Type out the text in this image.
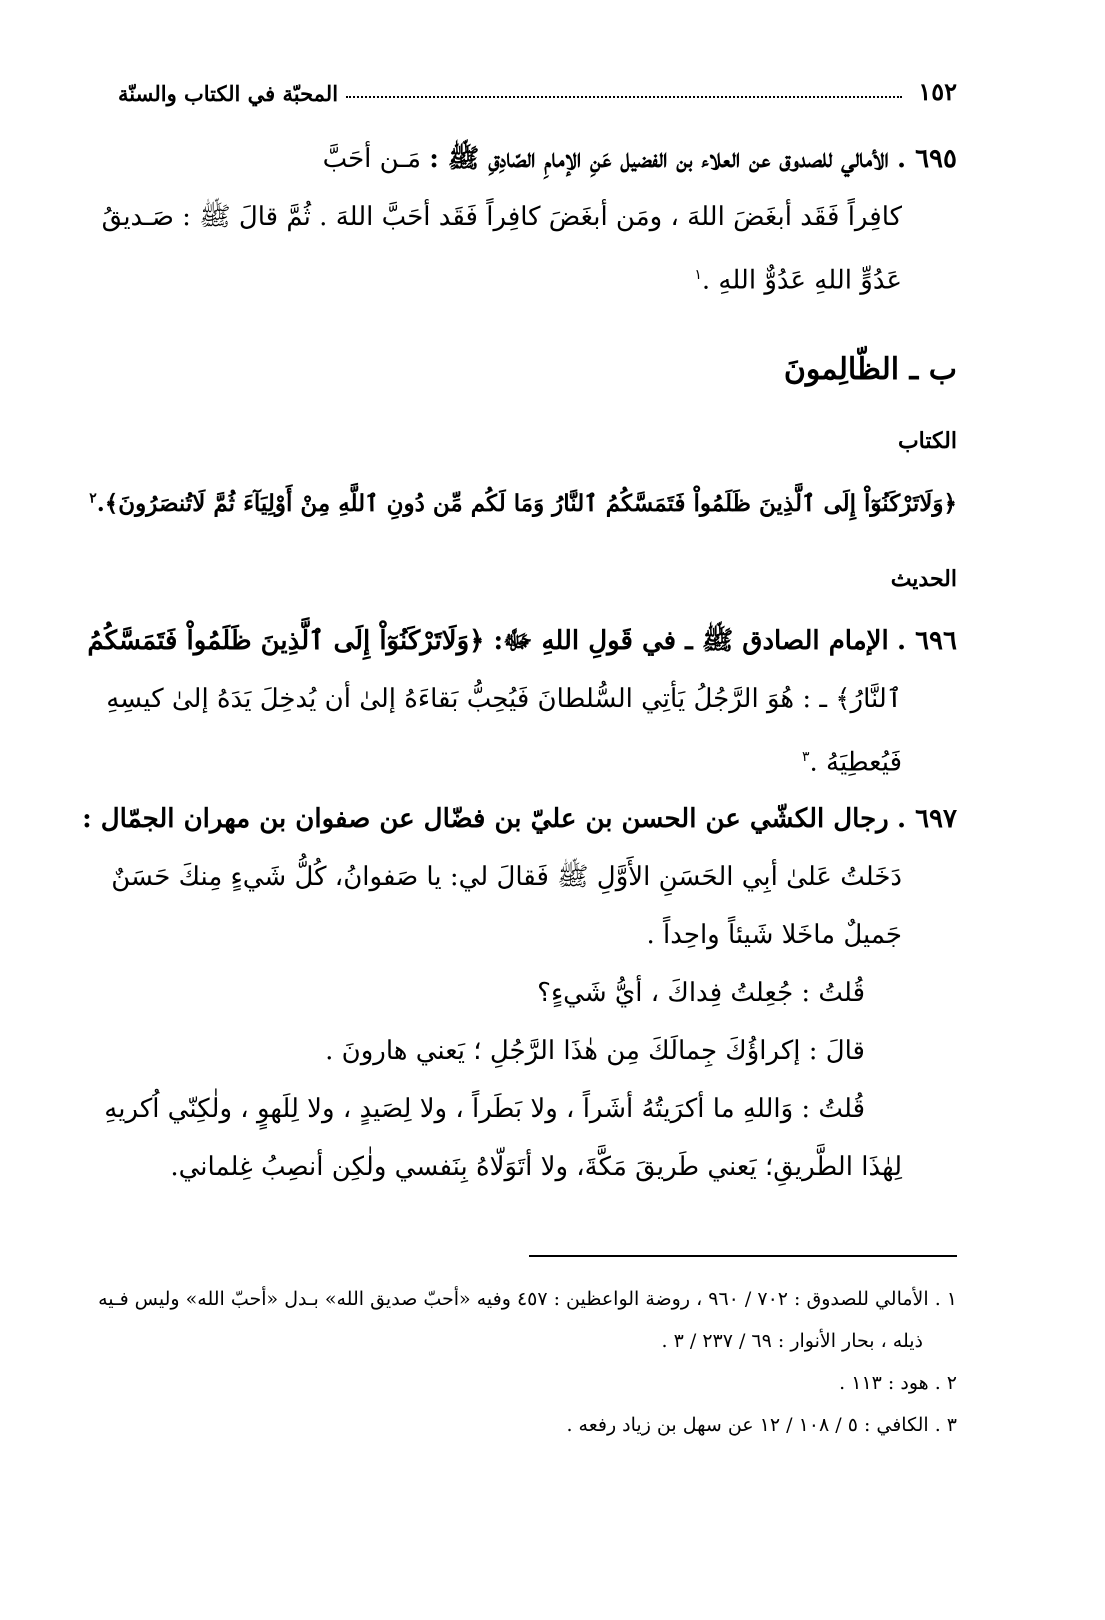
١٥٢
المحبّة في الكتاب والسنّة
٦٩٥ . الأمالي للصدوق عن العلاء بن الفضيل عَنِ الإمامِ الصّادِقِ ﷺ : مَـن أحَبَّ
كافِراً فَقَد أبغَضَ اللهَ ، ومَن أبغَضَ كافِراً فَقَد أحَبَّ اللهَ . ثُمَّ قالَ ﷺ : صَـديقُ
عَدُوٍّ اللهِ عَدُوٌّ اللهِ .$^١$
ب ـ الظّالِمونَ
الكتاب
﴿وَلَاتَرْكَنُوٓاْ إِلَى ٱلَّذِينَ ظَلَمُواْ فَتَمَسَّكُمُ ٱلنَّارُ وَمَا لَكُم مِّن دُونِ ٱللَّهِ مِنْ أَوْلِيَآءَ ثُمَّ لَاتُنصَرُونَ﴾.$^٢$
الحديث
٦٩٦ . الإمام الصادق ﷺ ـ في قَولِ اللهِ ﷻ: ﴿وَلَاتَرْكَنُوٓاْ إِلَى ٱلَّذِينَ ظَلَمُواْ فَتَمَسَّكُمُ
ٱلنَّارُ﴾ ـ : هُوَ الرَّجُلُ يَأتِي السُّلطانَ فَيُحِبُّ بَقاءَهُ إلىٰ أن يُدخِلَ يَدَهُ إلىٰ كيسِهِ
فَيُعطِيَهُ .$^٣$
٦٩٧ . رجال الكشّي عن الحسن بن عليّ بن فضّال عن صفوان بن مهران الجمّال :
دَخَلتُ عَلىٰ أبِي الحَسَنِ الأَوَّلِ ﷺ فَقالَ لي: يا صَفوانُ، كُلُّ شَيءٍ مِنكَ حَسَنٌ
جَميلٌ ماخَلا شَيئاً واحِداً .
قُلتُ : جُعِلتُ فِداكَ ، أيُّ شَيءٍ؟
قالَ : إكراؤُكَ جِمالَكَ مِن هٰذَا الرَّجُلِ ؛ يَعني هارونَ .
قُلتُ : وَاللهِ ما أكرَيتُهُ أشَراً ، ولا بَطَراً ، ولا لِصَيدٍ ، ولا لِلَهوٍ ، ولٰكِنّي اُكريهِ
لِهٰذَا الطَّريقِ؛ يَعني طَريقَ مَكَّةَ، ولا أتَوَلّاهُ بِنَفسي ولٰكِن أنصِبُ غِلماني.
١ . الأمالي للصدوق : ٧٠٢ / ٩٦٠ ، روضة الواعظين : ٤٥٧ وفيه «أحبّ صديق الله» بـدل «أحبّ الله» وليس فـيه
ذيله ، بحار الأنوار : ٦٩ / ٢٣٧ / ٣ .
٢ . هود : ١١٣ .
٣ . الكافي : ٥ / ١٠٨ / ١٢ عن سهل بن زياد رفعه .
